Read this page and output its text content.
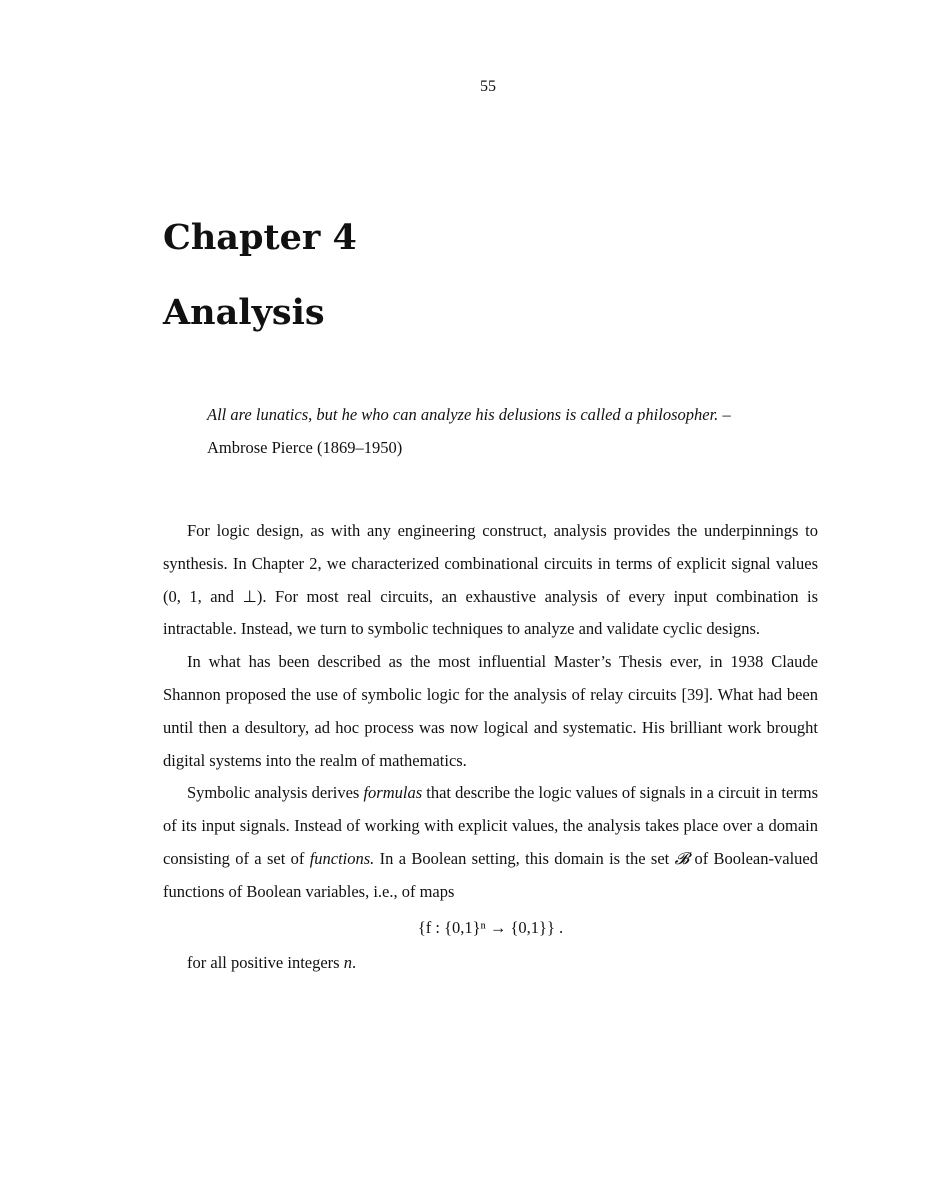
55
Chapter 4
Analysis
All are lunatics, but he who can analyze his delusions is called a philosopher. – Ambrose Pierce (1869–1950)

For logic design, as with any engineering construct, analysis provides the underpinnings to synthesis. In Chapter 2, we characterized combinational circuits in terms of explicit signal values (0, 1, and ⊥). For most real circuits, an exhaustive analysis of every input combination is intractable. Instead, we turn to symbolic techniques to analyze and validate cyclic designs.

In what has been described as the most influential Master’s Thesis ever, in 1938 Claude Shannon proposed the use of symbolic logic for the analysis of relay circuits [39]. What had been until then a desultory, ad hoc process was now logical and systematic. His brilliant work brought digital systems into the realm of mathematics.

Symbolic analysis derives formulas that describe the logic values of signals in a circuit in terms of its input signals. Instead of working with explicit values, the analysis takes place over a domain consisting of a set of functions. In a Boolean setting, this domain is the set 𝓑 of Boolean-valued functions of Boolean variables, i.e., of maps

{f : {0,1}ⁿ → {0,1}} .

for all positive integers n.
